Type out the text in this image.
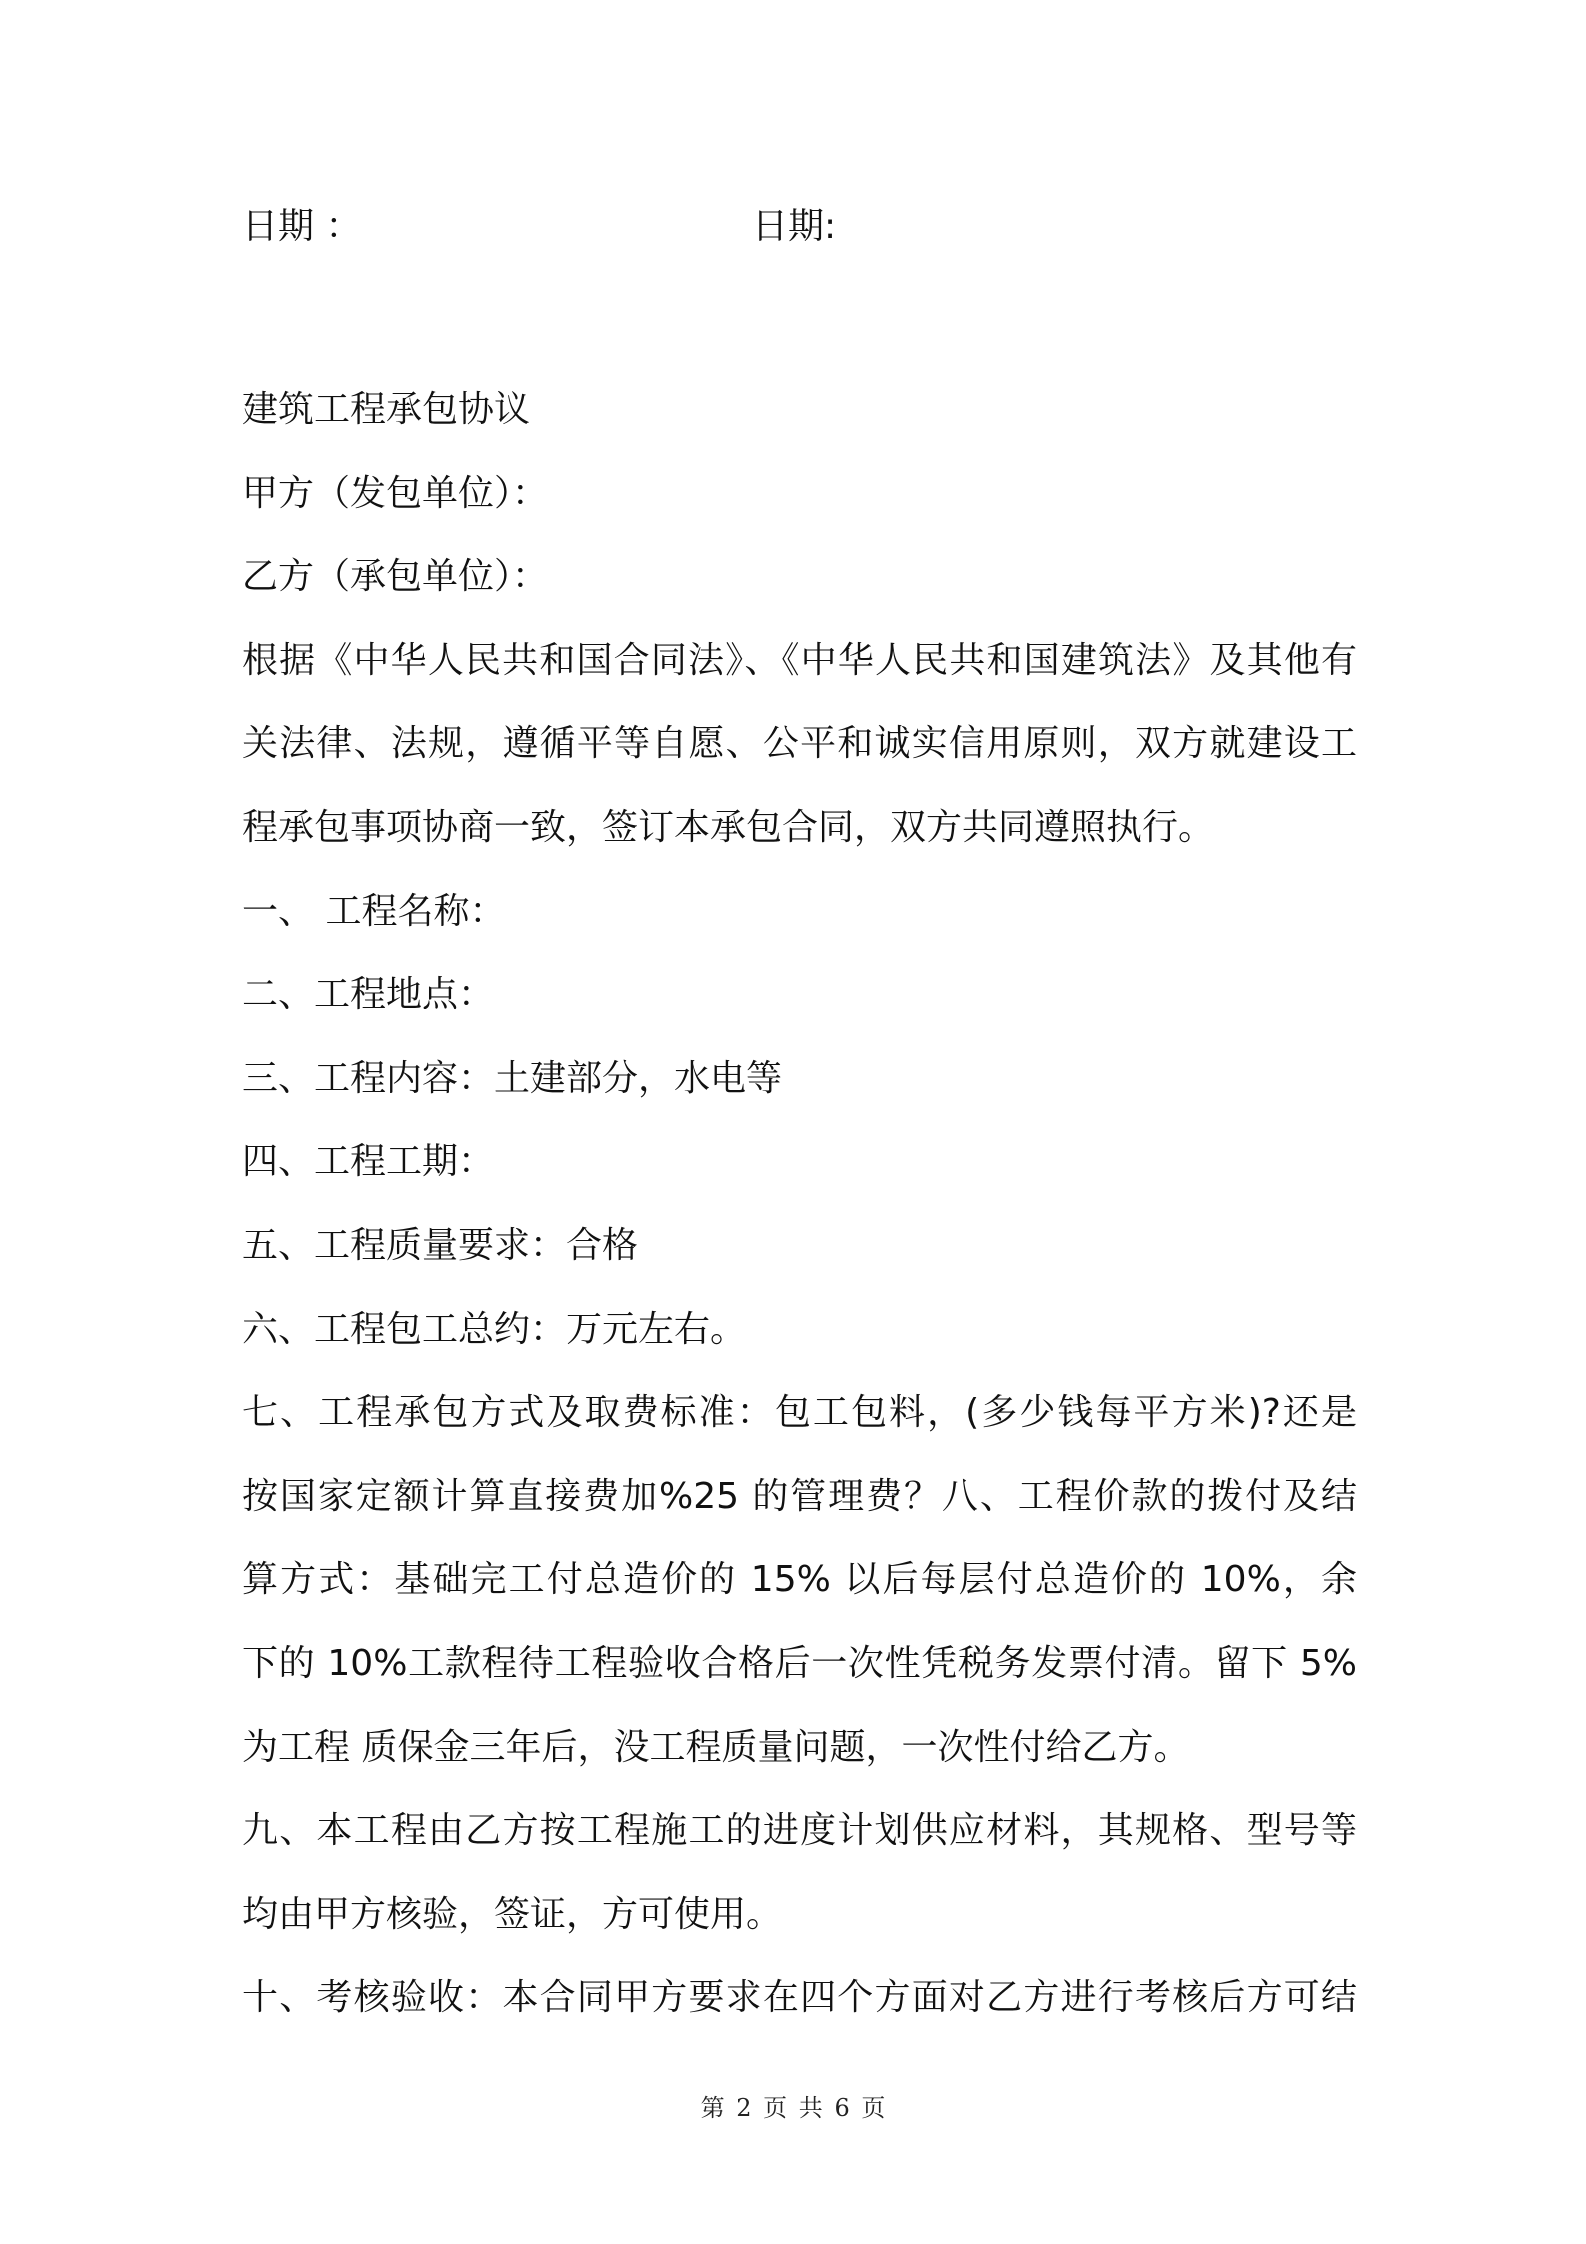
日期 ：	日期:
建筑工程承包协议
甲方（发包单位）：
乙方（承包单位）：
根据《中华人民共和国合同法》、《中华人民共和国建筑法》及其他有
关法律、法规，遵循平等自愿、公平和诚实信用原则，双方就建设工
程承包事项协商一致，签订本承包合同，双方共同遵照执行。
一、 工程名称：
二、工程地点：
三、工程内容：土建部分，水电等
四、工程工期：
五、工程质量要求：合格
六、工程包工总约：万元左右。
七、工程承包方式及取费标准：包工包料，(多少钱每平方米)?还是
按国家定额计算直接费加%25 的管理费？八、工程价款的拨付及结
算方式：基础完工付总造价的 15% 以后每层付总造价的 10%，余
下的 10%工款程待工程验收合格后一次性凭税务发票付清。留下 5%
为工程 质保金三年后，没工程质量问题，一次性付给乙方。
九、本工程由乙方按工程施工的进度计划供应材料，其规格、型号等
均由甲方核验，签证，方可使用。
十、考核验收：本合同甲方要求在四个方面对乙方进行考核后方可结
第 2 页 共 6 页
